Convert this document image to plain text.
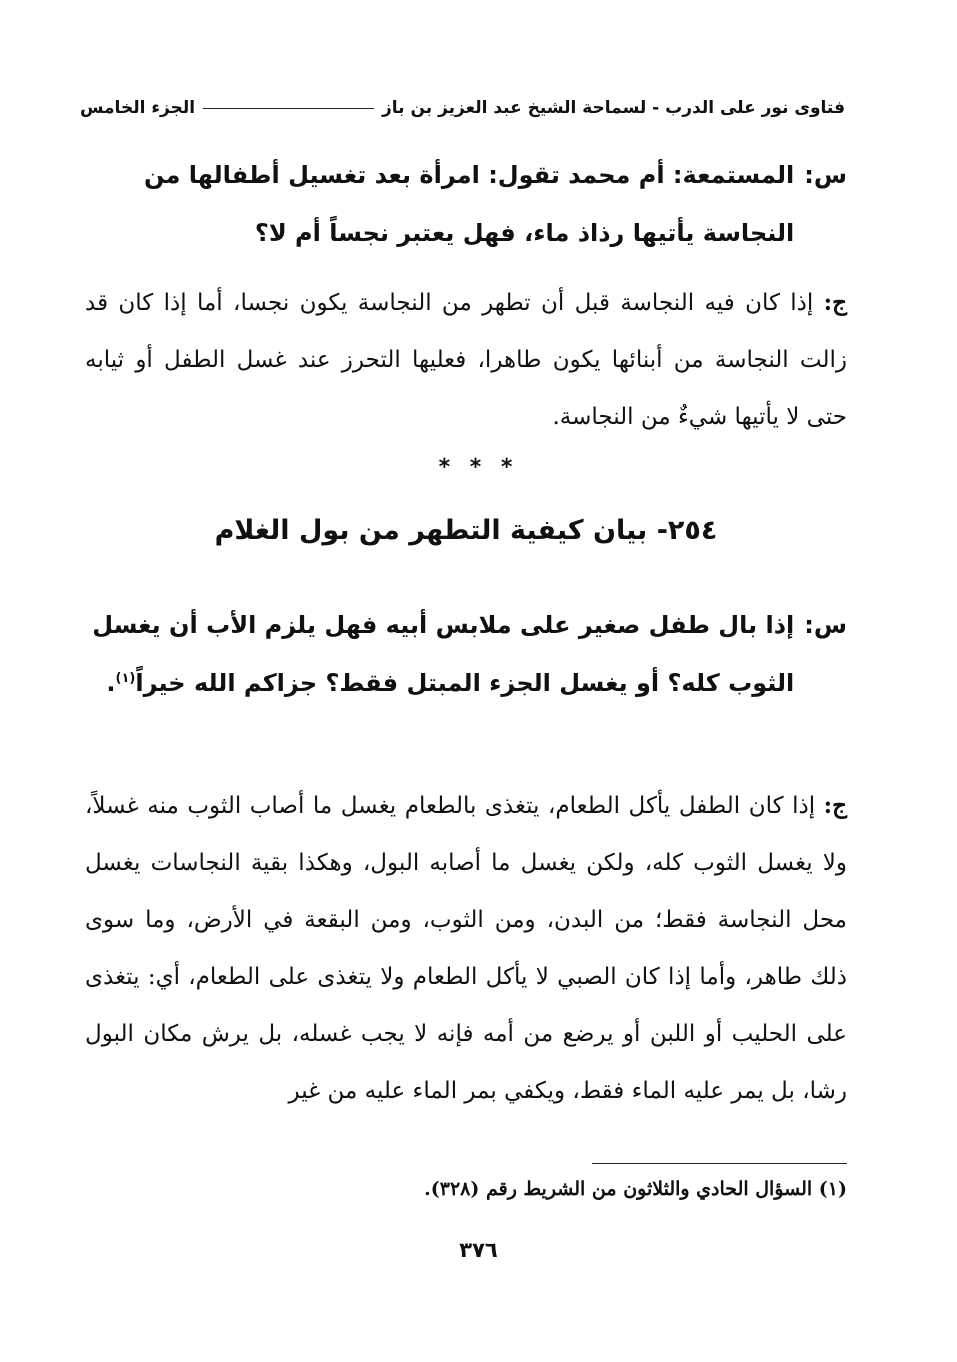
فتاوى نور على الدرب - لسماحة الشيخ عبد العزيز بن باز
الجزء الخامس
س:
المستمعة: أم محمد تقول: امرأة بعد تغسيل أطفالها من النجاسة يأتيها رذاذ ماء، فهل يعتبر نجساً أم لا؟
ج: إذا كان فيه النجاسة قبل أن تطهر من النجاسة يكون نجسا، أما إذا كان قد زالت النجاسة من أبنائها يكون طاهرا، فعليها التحرز عند غسل الطفل أو ثيابه حتى لا يأتيها شيءٌ من النجاسة.
* * *
٢٥٤- بيان كيفية التطهر من بول الغلام
س:
إذا بال طفل صغير على ملابس أبيه فهل يلزم الأب أن يغسل الثوب كله؟ أو يغسل الجزء المبتل فقط؟ جزاكم الله خيراً$^{(١)}$.
ج: إذا كان الطفل يأكل الطعام، يتغذى بالطعام يغسل ما أصاب الثوب منه غسلاً، ولا يغسل الثوب كله، ولكن يغسل ما أصابه البول، وهكذا بقية النجاسات يغسل محل النجاسة فقط؛ من البدن، ومن الثوب، ومن البقعة في الأرض، وما سوى ذلك طاهر، وأما إذا كان الصبي لا يأكل الطعام ولا يتغذى على الطعام، أي: يتغذى على الحليب أو اللبن أو يرضع من أمه فإنه لا يجب غسله، بل يرش مكان البول رشا، بل يمر عليه الماء فقط، ويكفي بمر الماء عليه من غير
(١) السؤال الحادي والثلاثون من الشريط رقم (٣٢٨).
٣٧٦
